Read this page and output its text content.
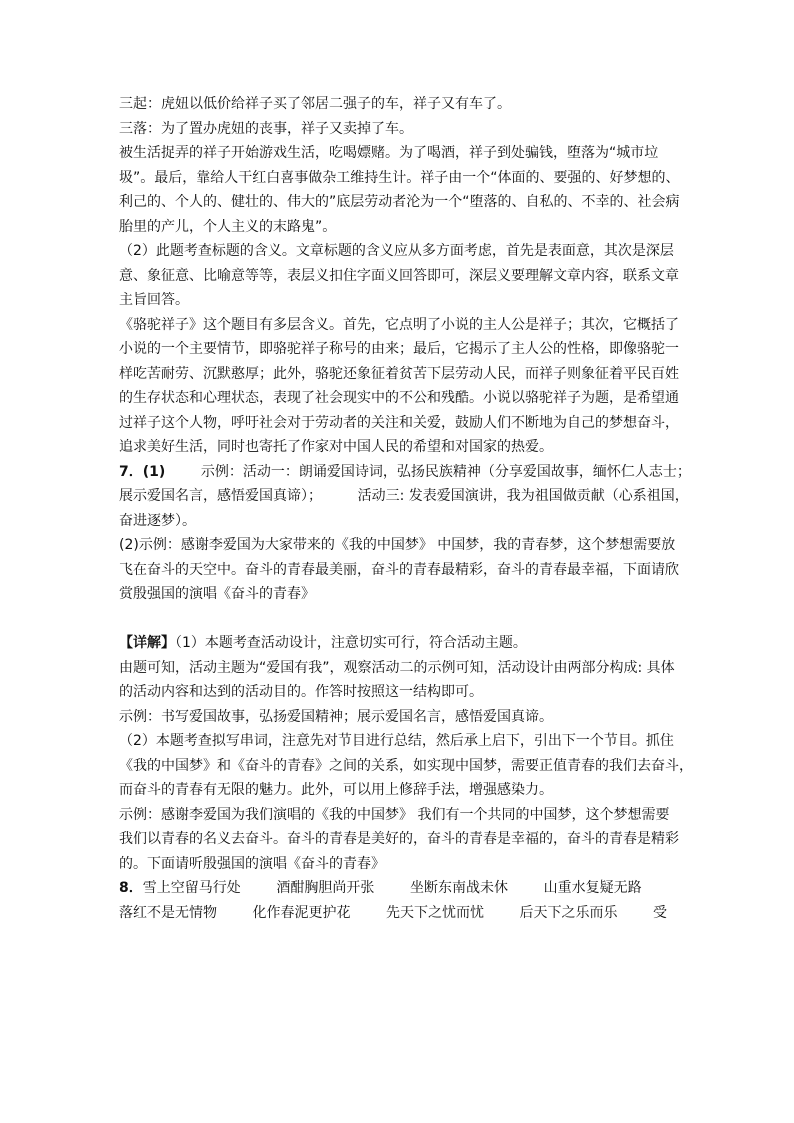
三起：虎妞以低价给祥子买了邻居二强子的车，祥子又有车了。
三落：为了置办虎妞的丧事，祥子又卖掉了车。
被生活捉弄的祥子开始游戏生活，吃喝嫖赌。为了喝酒，祥子到处骗钱，堕落为“城市垃
圾”。最后，靠给人干红白喜事做杂工维持生计。祥子由一个“体面的、要强的、好梦想的、
利己的、个人的、健壮的、伟大的”底层劳动者沦为一个“堕落的、自私的、不幸的、社会病
胎里的产儿，个人主义的末路鬼”。
（2）此题考查标题的含义。文章标题的含义应从多方面考虑，首先是表面意，其次是深层
意、象征意、比喻意等等，表层义扣住字面义回答即可，深层义要理解文章内容，联系文章
主旨回答。
《骆驼祥子》这个题目有多层含义。首先，它点明了小说的主人公是祥子；其次，它概括了
小说的一个主要情节，即骆驼祥子称号的由来；最后，它揭示了主人公的性格，即像骆驼一
样吃苦耐劳、沉默憨厚；此外，骆驼还象征着贫苦下层劳动人民，而祥子则象征着平民百姓
的生存状态和心理状态，表现了社会现实中的不公和残酷。小说以骆驼祥子为题，是希望通
过祥子这个人物，呼吁社会对于劳动者的关注和关爱，鼓励人们不断地为自己的梦想奋斗，
追求美好生活，同时也寄托了作家对中国人民的希望和对国家的热爱。
7．(1)	示例：活动一：朗诵爱国诗词，弘扬民族精神（分享爱国故事，缅怀仁人志士；
展示爱国名言，感悟爱国真谛）；	活动三: 发表爱国演讲，我为祖国做贡献（心系祖国，
奋进逐梦）。
(2)示例：感谢李爱国为大家带来的《我的中国梦》 中国梦，我的青春梦，这个梦想需要放
飞在奋斗的天空中。奋斗的青春最美丽，奋斗的青春最精彩，奋斗的青春最幸福，下面请欣
赏殷强国的演唱《奋斗的青春》
【详解】（1）本题考查活动设计，注意切实可行，符合活动主题。
由题可知，活动主题为“爱国有我”，观察活动二的示例可知，活动设计由两部分构成: 具体
的活动内容和达到的活动目的。作答时按照这一结构即可。
示例：书写爱国故事，弘扬爱国精神；展示爱国名言，感悟爱国真谛。
（2）本题考查拟写串词，注意先对节目进行总结，然后承上启下，引出下一个节目。抓住
《我的中国梦》和《奋斗的青春》之间的关系，如实现中国梦，需要正值青春的我们去奋斗，
而奋斗的青春有无限的魅力。此外，可以用上修辞手法，增强感染力。
示例：感谢李爱国为我们演唱的《我的中国梦》 我们有一个共同的中国梦，这个梦想需要
我们以青春的名义去奋斗。奋斗的青春是美好的，奋斗的青春是幸福的，奋斗的青春是精彩
的。下面请听殷强国的演唱《奋斗的青春》
8．雪上空留马行处	酒酣胸胆尚开张	坐断东南战未休	山重水复疑无路
落红不是无情物	化作春泥更护花	先天下之忧而忧	后天下之乐而乐	受
